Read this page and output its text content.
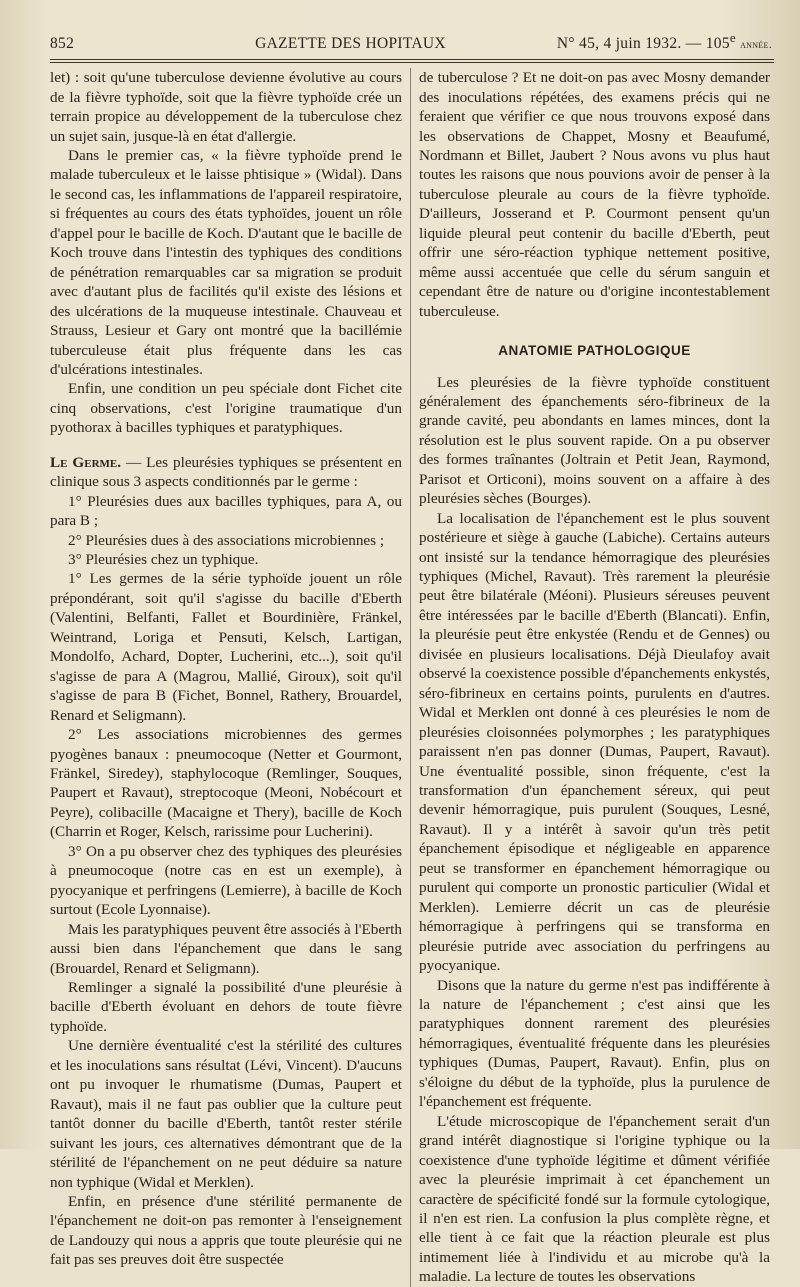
852	GAZETTE DES HOPITAUX	N° 45, 4 juin 1932. — 105e année.

let) : soit qu'une tuberculose devienne évolutive au cours de la fièvre typhoïde, soit que la fièvre typhoïde crée un terrain propice au développement de la tuberculose chez un sujet sain, jusque-là en état d'allergie.

Dans le premier cas, « la fièvre typhoïde prend le malade tuberculeux et le laisse phtisique » (Widal). Dans le second cas, les inflammations de l'appareil respiratoire, si fréquentes au cours des états typhoïdes, jouent un rôle d'appel pour le bacille de Koch. D'autant que le bacille de Koch trouve dans l'intestin des typhiques des conditions de pénétration remarquables car sa migration se produit avec d'autant plus de facilités qu'il existe des lésions et des ulcérations de la muqueuse intestinale. Chauveau et Strauss, Lesieur et Gary ont montré que la bacillémie tuberculeuse était plus fréquente dans les cas d'ulcérations intestinales.

Enfin, une condition un peu spéciale dont Fichet cite cinq observations, c'est l'origine traumatique d'un pyothorax à bacilles typhiques et paratyphiques.

Le Germe. — Les pleurésies typhiques se présentent en clinique sous 3 aspects conditionnés par le germe :

1° Pleurésies dues aux bacilles typhiques, para A, ou para B ;

2° Pleurésies dues à des associations microbiennes ;

3° Pleurésies chez un typhique.

1° Les germes de la série typhoïde jouent un rôle prépondérant, soit qu'il s'agisse du bacille d'Eberth (Valentini, Belfanti, Fallet et Bourdinière, Fränkel, Weintrand, Loriga et Pensuti, Kelsch, Lartigan, Mondolfo, Achard, Dopter, Lucherini, etc...), soit qu'il s'agisse de para A (Magrou, Mallié, Giroux), soit qu'il s'agisse de para B (Fichet, Bonnel, Rathery, Brouardel, Renard et Seligmann).

2° Les associations microbiennes des germes pyogènes banaux : pneumocoque (Netter et Gourmont, Fränkel, Siredey), staphylocoque (Remlinger, Souques, Paupert et Ravaut), streptocoque (Meoni, Nobécourt et Peyre), colibacille (Macaigne et Thery), bacille de Koch (Charrin et Roger, Kelsch, rarissime pour Lucherini).

3° On a pu observer chez des typhiques des pleurésies à pneumocoque (notre cas en est un exemple), à pyocyanique et perfringens (Lemierre), à bacille de Koch surtout (Ecole Lyonnaise).

Mais les paratyphiques peuvent être associés à l'Eberth aussi bien dans l'épanchement que dans le sang (Brouardel, Renard et Seligmann).

Remlinger a signalé la possibilité d'une pleurésie à bacille d'Eberth évoluant en dehors de toute fièvre typhoïde.

Une dernière éventualité c'est la stérilité des cultures et les inoculations sans résultat (Lévi, Vincent). D'aucuns ont pu invoquer le rhumatisme (Dumas, Paupert et Ravaut), mais il ne faut pas oublier que la culture peut tantôt donner du bacille d'Eberth, tantôt rester stérile suivant les jours, ces alternatives démontrant que de la stérilité de l'épanchement on ne peut déduire sa nature non typhique (Widal et Merklen).

Enfin, en présence d'une stérilité permanente de l'épanchement ne doit-on pas remonter à l'enseignement de Landouzy qui nous a appris que toute pleurésie qui ne fait pas ses preuves doit être suspectée

de tuberculose ? Et ne doit-on pas avec Mosny demander des inoculations répétées, des examens précis qui ne feraient que vérifier ce que nous trouvons exposé dans les observations de Chappet, Mosny et Beaufumé, Nordmann et Billet, Jaubert ? Nous avons vu plus haut toutes les raisons que nous pouvions avoir de penser à la tuberculose pleurale au cours de la fièvre typhoïde. D'ailleurs, Josserand et P. Courmont pensent qu'un liquide pleural peut contenir du bacille d'Eberth, peut offrir une séro-réaction typhique nettement positive, même aussi accentuée que celle du sérum sanguin et cependant être de nature ou d'origine incontestablement tuberculeuse.

ANATOMIE PATHOLOGIQUE

Les pleurésies de la fièvre typhoïde constituent généralement des épanchements séro-fibrineux de la grande cavité, peu abondants en lames minces, dont la résolution est le plus souvent rapide. On a pu observer des formes traînantes (Joltrain et Petit Jean, Raymond, Parisot et Orticoni), moins souvent on a affaire à des pleurésies sèches (Bourges).

La localisation de l'épanchement est le plus souvent postérieure et siège à gauche (Labiche). Certains auteurs ont insisté sur la tendance hémorragique des pleurésies typhiques (Michel, Ravaut). Très rarement la pleurésie peut être bilatérale (Méoni). Plusieurs séreuses peuvent être intéressées par le bacille d'Eberth (Blancati). Enfin, la pleurésie peut être enkystée (Rendu et de Gennes) ou divisée en plusieurs localisations. Déjà Dieulafoy avait observé la coexistence possible d'épanchements enkystés, séro-fibrineux en certains points, purulents en d'autres. Widal et Merklen ont donné à ces pleurésies le nom de pleurésies cloisonnées polymorphes ; les paratyphiques paraissent n'en pas donner (Dumas, Paupert, Ravaut). Une éventualité possible, sinon fréquente, c'est la transformation d'un épanchement séreux, qui peut devenir hémorragique, puis purulent (Souques, Lesné, Ravaut). Il y a intérêt à savoir qu'un très petit épanchement épisodique et négligeable en apparence peut se transformer en épanchement hémorragique ou purulent qui comporte un pronostic particulier (Widal et Merklen). Lemierre décrit un cas de pleurésie hémorragique à perfringens qui se transforma en pleurésie putride avec association du perfringens au pyocyanique.

Disons que la nature du germe n'est pas indifférente à la nature de l'épanchement ; c'est ainsi que les paratyphiques donnent rarement des pleurésies hémorragiques, éventualité fréquente dans les pleurésies typhiques (Dumas, Paupert, Ravaut). Enfin, plus on s'éloigne du début de la typhoïde, plus la purulence de l'épanchement est fréquente.

L'étude microscopique de l'épanchement serait d'un grand intérêt diagnostique si l'origine typhique ou la coexistence d'une typhoïde légitime et dûment vérifiée avec la pleurésie imprimait à cet épanchement un caractère de spécificité fondé sur la formule cytologique, il n'en est rien. La confusion la plus complète règne, et elle tient à ce fait que la réaction pleurale est plus intimement liée à l'individu et au microbe qu'à la maladie. La lecture de toutes les observations
